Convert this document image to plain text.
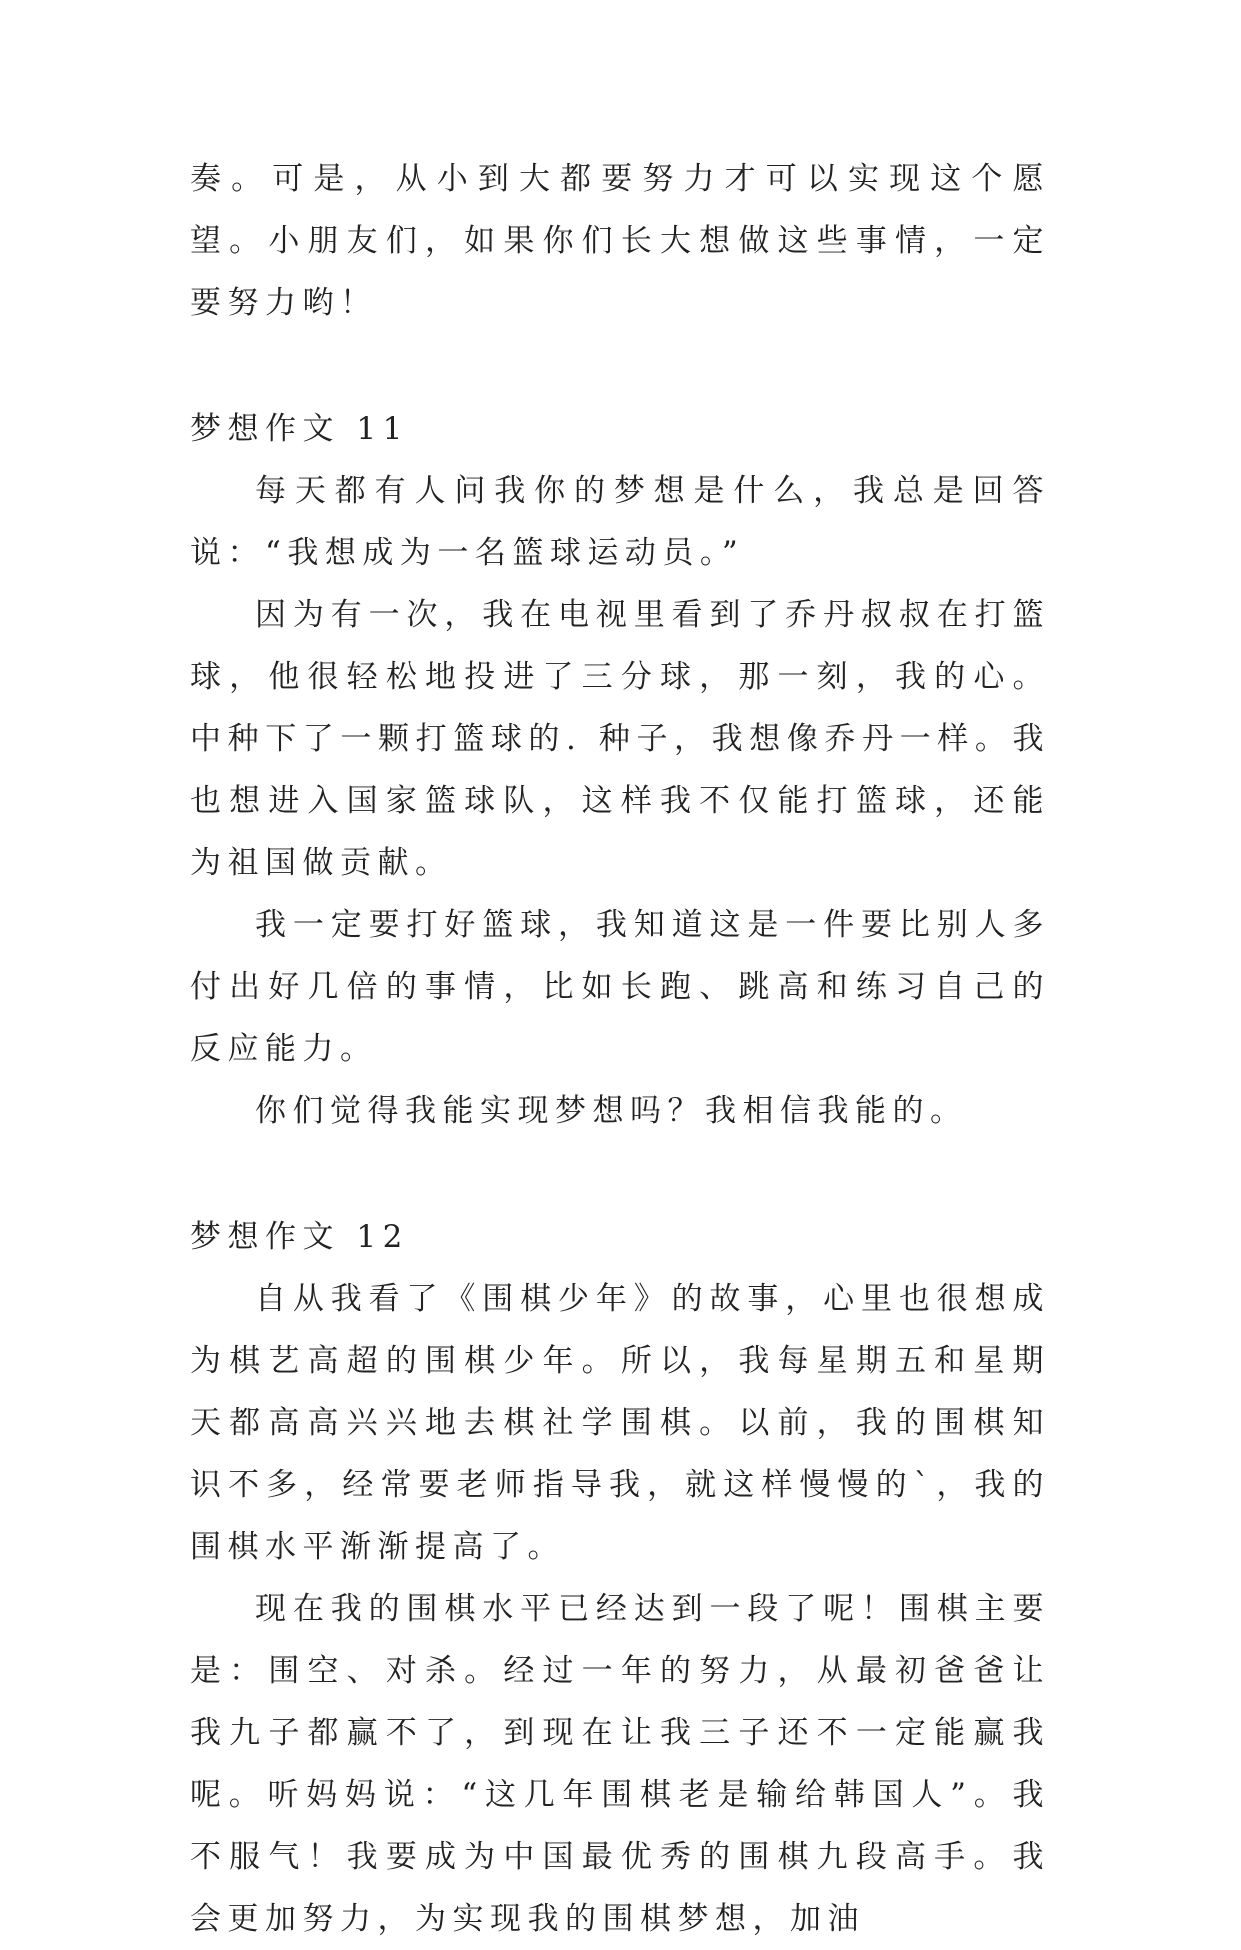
奏。可是，从小到大都要努力才可以实现这个愿望。小朋友们，如果你们长大想做这些事情，一定要努力哟！

梦想作文 11

每天都有人问我你的梦想是什么，我总是回答说：“我想成为一名篮球运动员。”

因为有一次，我在电视里看到了乔丹叔叔在打篮球，他很轻松地投进了三分球，那一刻，我的心。中种下了一颗打篮球的. 种子，我想像乔丹一样。我也想进入国家篮球队，这样我不仅能打篮球，还能为祖国做贡献。

我一定要打好篮球，我知道这是一件要比别人多付出好几倍的事情，比如长跑、跳高和练习自己的反应能力。

你们觉得我能实现梦想吗？我相信我能的。

梦想作文 12

自从我看了《围棋少年》的故事，心里也很想成为棋艺高超的围棋少年。所以，我每星期五和星期天都高高兴兴地去棋社学围棋。以前，我的围棋知识不多，经常要老师指导我，就这样慢慢的`，我的围棋水平渐渐提高了。

现在我的围棋水平已经达到一段了呢！围棋主要是：围空、对杀。经过一年的努力，从最初爸爸让我九子都赢不了，到现在让我三子还不一定能赢我呢。听妈妈说：“这几年围棋老是输给韩国人”。我不服气！我要成为中国最优秀的围棋九段高手。我会更加努力，为实现我的围棋梦想，加油
